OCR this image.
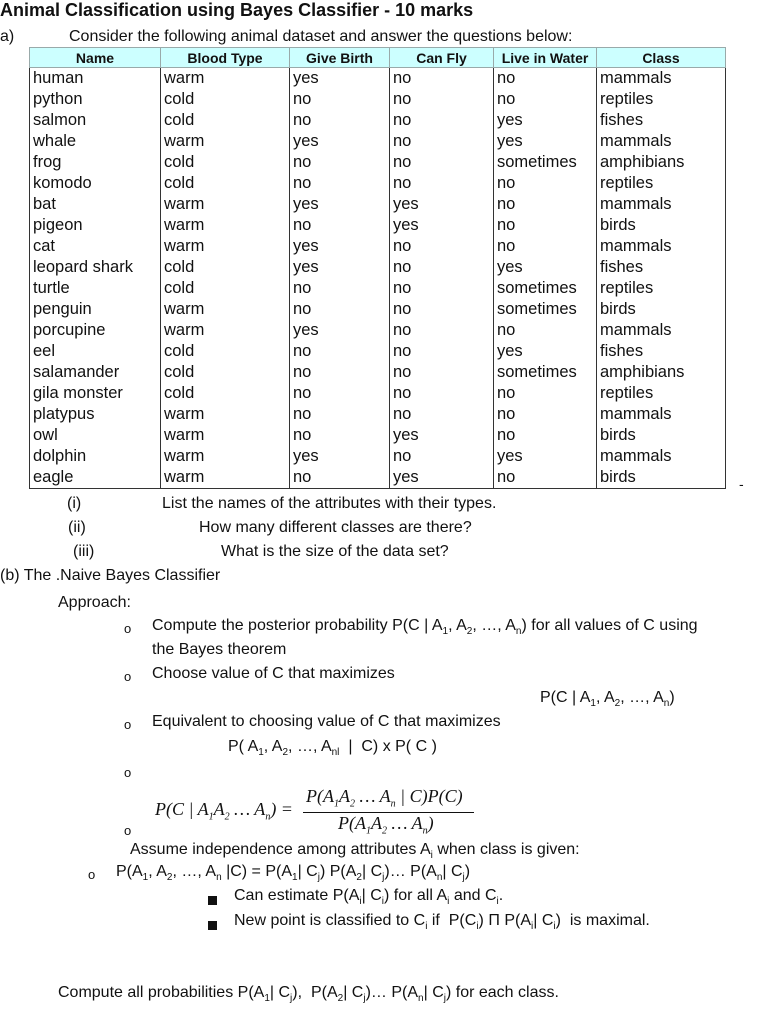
Animal Classification using Bayes Classifier - 10 marks
a)	Consider the following animal dataset and answer the questions below:
Name	Blood Type	Give Birth	Can Fly	Live in Water	Class
human	warm	yes	no	no	mammals
python	cold	no	no	no	reptiles
salmon	cold	no	no	yes	fishes
whale	warm	yes	no	yes	mammals
frog	cold	no	no	sometimes	amphibians
komodo	cold	no	no	no	reptiles
bat	warm	yes	yes	no	mammals
pigeon	warm	no	yes	no	birds
cat	warm	yes	no	no	mammals
leopard shark	cold	yes	no	yes	fishes
turtle	cold	no	no	sometimes	reptiles
penguin	warm	no	no	sometimes	birds
porcupine	warm	yes	no	no	mammals
eel	cold	no	no	yes	fishes
salamander	cold	no	no	sometimes	amphibians
gila monster	cold	no	no	no	reptiles
platypus	warm	no	no	no	mammals
owl	warm	no	yes	no	birds
dolphin	warm	yes	no	yes	mammals
eagle	warm	no	yes	no	birds	-
(i)	List the names of the attributes with their types.
(ii)	How many different classes are there?
(iii)	What is the size of the data set?
(b) The .Naive Bayes Classifier
Approach:
o Compute the posterior probability P(C | $A_1$, $A_2$, …, $A_n$) for all values of C using
the Bayes theorem
o Choose value of C that maximizes
P(C | $A_1$, $A_2$, …, $A_n$)
o Equivalent to choosing value of C that maximizes
P( $A_1$, $A_2$, …, $A_{nl}$  |  C) x P( C )
o
P(C | $A_1A_2$ … $A_n$) =
$P(A_1A_2$ … $A_n$ | C)P(C)
$P(A_1A_2$ … $A_n$)
o
Assume independence among attributes $A_i$ when class is given:
o $P(A_1$, $A_2$, …, $A_n$ $|C) = P(A_1|$ $C_j$) $P(A_2|$ $C_j)\dots$ $P(A_n|$ $C_j$)
Can estimate $P(A_i|$ $C_i$) for all $A_i$ and $C_i$.
New point is classified to $C_i$ if  $P(C_i)$ Π $P(A_i|$ $C_i$)  is maximal.
Compute all probabilities $P(A_1|$ $C_j$),  $P(A_2|$ $C_j)\dots$ $P(A_n|$ $C_j$) for each class.
